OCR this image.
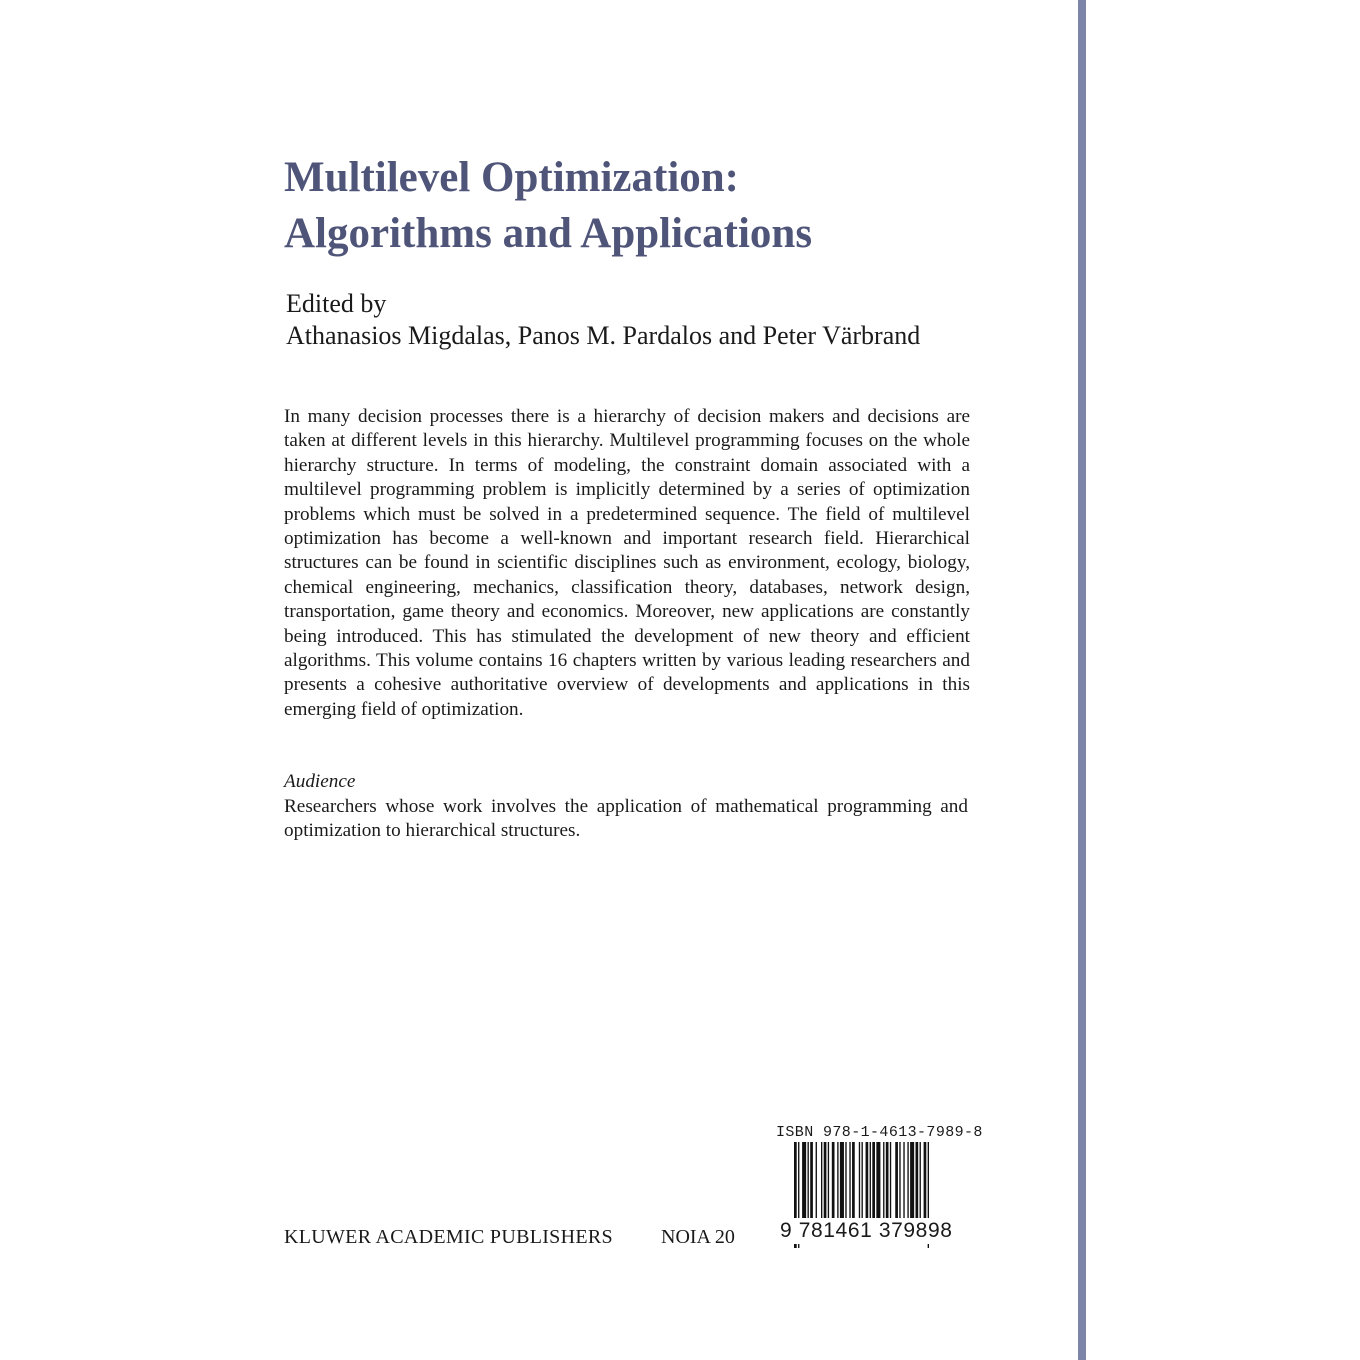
Multilevel Optimization:
Algorithms and Applications
Edited by
Athanasios Migdalas, Panos M. Pardalos and Peter Värbrand

In many decision processes there is a hierarchy of decision makers and decisions are taken at different levels in this hierarchy. Multilevel programming focuses on the whole hierarchy structure. In terms of modeling, the constraint domain associated with a multilevel programming problem is implicitly determined by a series of optimization problems which must be solved in a predetermined sequence. The field of multilevel optimization has become a well-known and important research field. Hierarchical structures can be found in scientific disciplines such as environment, ecology, biology, chemical engineering, mechanics, classification theory, databases, network design, transportation, game theory and economics. Moreover, new applications are constantly being introduced. This has stimulated the development of new theory and efficient algorithms. This volume contains 16 chapters written by various leading researchers and presents a cohesive authoritative overview of developments and applications in this emerging field of optimization.

Audience

Researchers whose work involves the application of mathematical programming and optimization to hierarchical structures.

KLUWER ACADEMIC PUBLISHERS NOIA 20
ISBN 978-1-4613-7989-8
9 781461 379898
